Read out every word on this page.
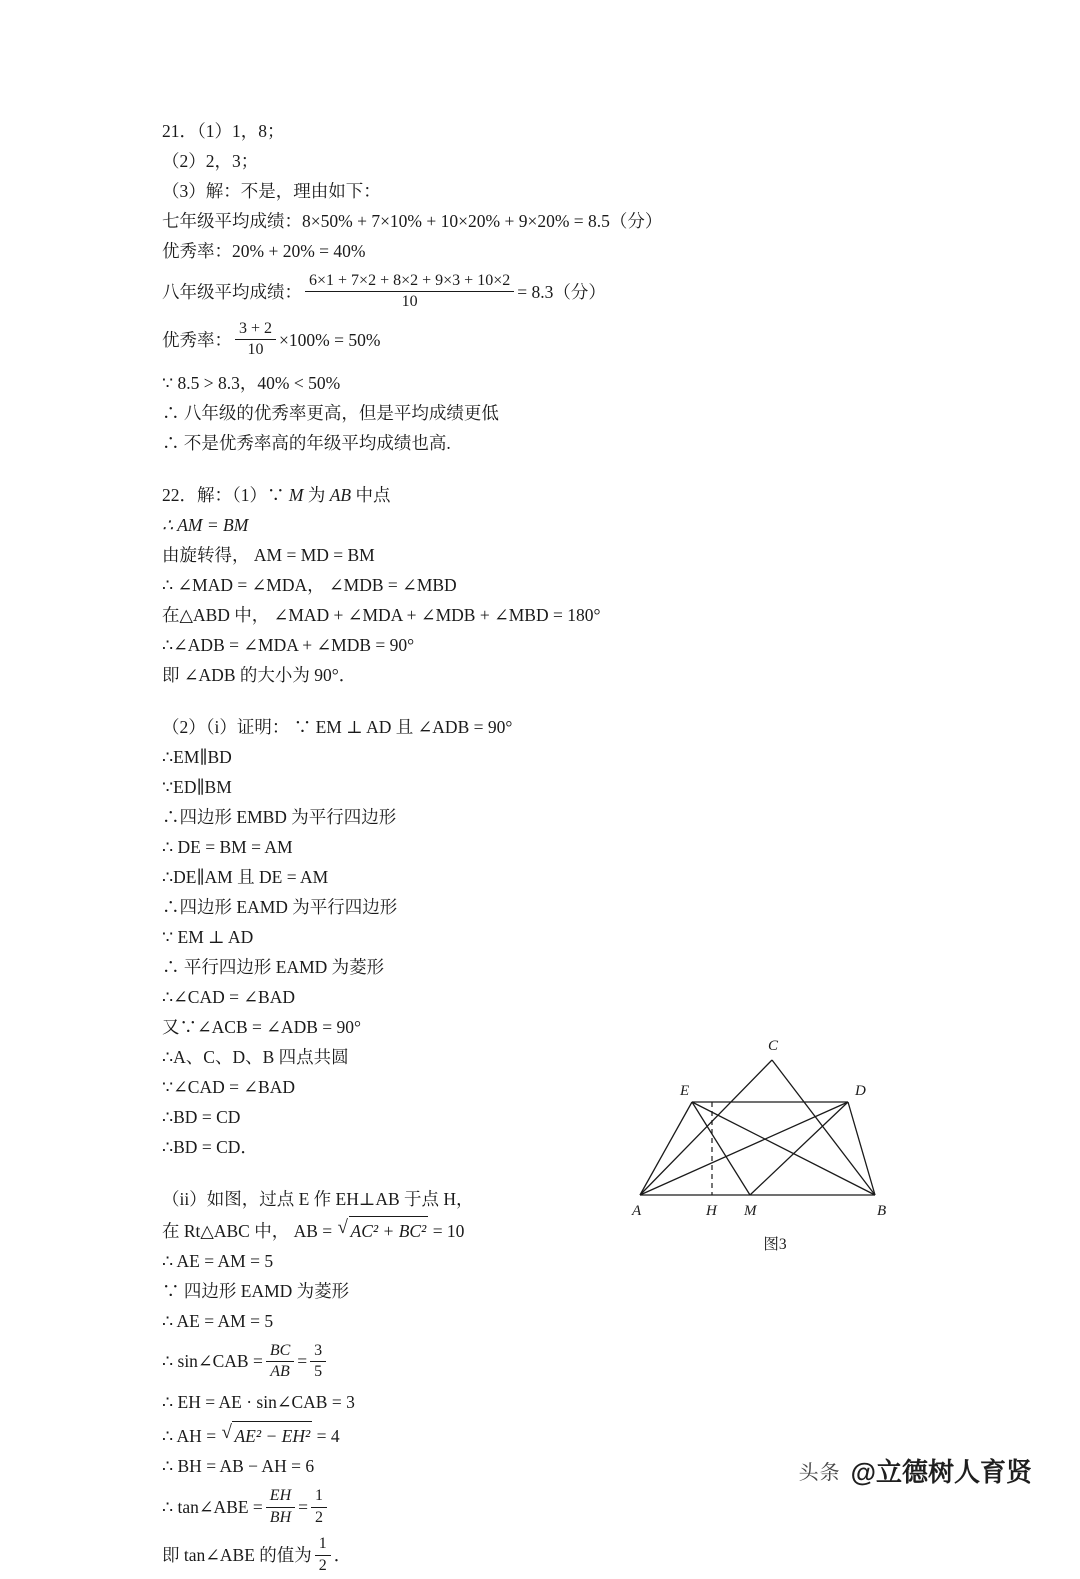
21．（1）1，8；

（2）2，3；

（3）解：不是，理由如下：

七年级平均成绩：8×50% + 7×10% + 10×20% + 9×20% = 8.5（分）

优秀率：20% + 20% = 40%

八年级平均成绩： $\frac{6\times 1 + 7\times 2 + 8\times 2 + 9\times 3 + 10\times 2}{10} = 8.3$（分）

优秀率： $\frac{3 + 2}{10} \times 100\% = 50\%$

∵ 8.5 > 8.3，40% < 50%

∴ 八年级的优秀率更高，但是平均成绩更低

∴ 不是优秀率高的年级平均成绩也高.

22．解：（1）∵ M 为 AB 中点

∴ AM = BM

由旋转得， AM = MD = BM

∴ ∠MAD = ∠MDA， ∠MDB = ∠MBD

在△ABD 中， ∠MAD + ∠MDA + ∠MDB + ∠MBD = 180°

∴∠ADB = ∠MDA + ∠MDB = 90°

即 ∠ADB 的大小为 90°．

（2）（i）证明： ∵ EM ⊥ AD 且 ∠ADB = 90°

∴EM∥BD

∵ED∥BM

∴四边形 EMBD 为平行四边形

∴ DE = BM = AM

∴DE∥AM 且 DE = AM

∴四边形 EAMD 为平行四边形

∵ EM ⊥ AD

∴ 平行四边形 EAMD 为菱形

∴∠CAD = ∠BAD

又∵∠ACB = ∠ADB = 90°

∴A、C、D、B 四点共圆

∵∠CAD = ∠BAD

∴BD = CD

∴BD = CD．

（ii）如图，过点 E 作 EH⊥AB 于点 H，

在 Rt△ABC 中， AB = √ AC² + BC² = 10

∴ AE = AM = 5

∵ 四边形 EAMD 为菱形

∴ AE = AM = 5

∴ sin∠CAB = $\frac{BC}{AB} = \frac{3}{5}$

∴ EH = AE · sin∠CAB = 3

∴ AH = √ AE² − EH² = 4

∴ BH = AB − AH = 6

∴ tan∠ABE = $\frac{EH}{BH} = \frac{1}{2}$

即 tan∠ABE 的值为 $\frac{1}{2}$ ．

A	B
C
D
E
H M
图3
头条 @立德树人育贤
